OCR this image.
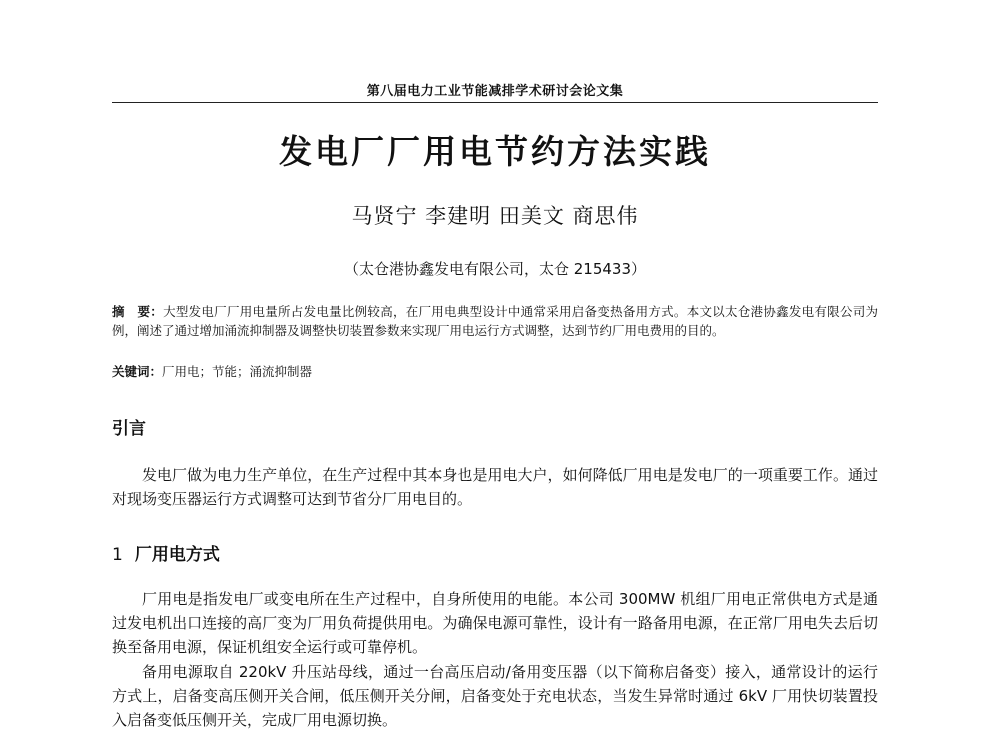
第八届电力工业节能减排学术研讨会论文集
发电厂厂用电节约方法实践
马贤宁 李建明 田美文 商思伟
（太仓港协鑫发电有限公司，太仓 215433）
摘　要：大型发电厂厂用电量所占发电量比例较高，在厂用电典型设计中通常采用启备变热备用方式。本文以太仓港协鑫发电有限公司为例，阐述了通过增加涌流抑制器及调整快切装置参数来实现厂用电运行方式调整，达到节约厂用电费用的目的。
关键词：厂用电；节能；涌流抑制器
引言

发电厂做为电力生产单位，在生产过程中其本身也是用电大户，如何降低厂用电是发电厂的一项重要工作。通过对现场变压器运行方式调整可达到节省分厂用电目的。

1 厂用电方式

厂用电是指发电厂或变电所在生产过程中，自身所使用的电能。本公司 300MW 机组厂用电正常供电方式是通过发电机出口连接的高厂变为厂用负荷提供用电。为确保电源可靠性，设计有一路备用电源，在正常厂用电失去后切换至备用电源，保证机组安全运行或可靠停机。

备用电源取自 220kV 升压站母线，通过一台高压启动/备用变压器（以下简称启备变）接入，通常设计的运行方式上，启备变高压侧开关合闸，低压侧开关分闸，启备变处于充电状态，当发生异常时通过 6kV 厂用快切装置投入启备变低压侧开关，完成厂用电源切换。
